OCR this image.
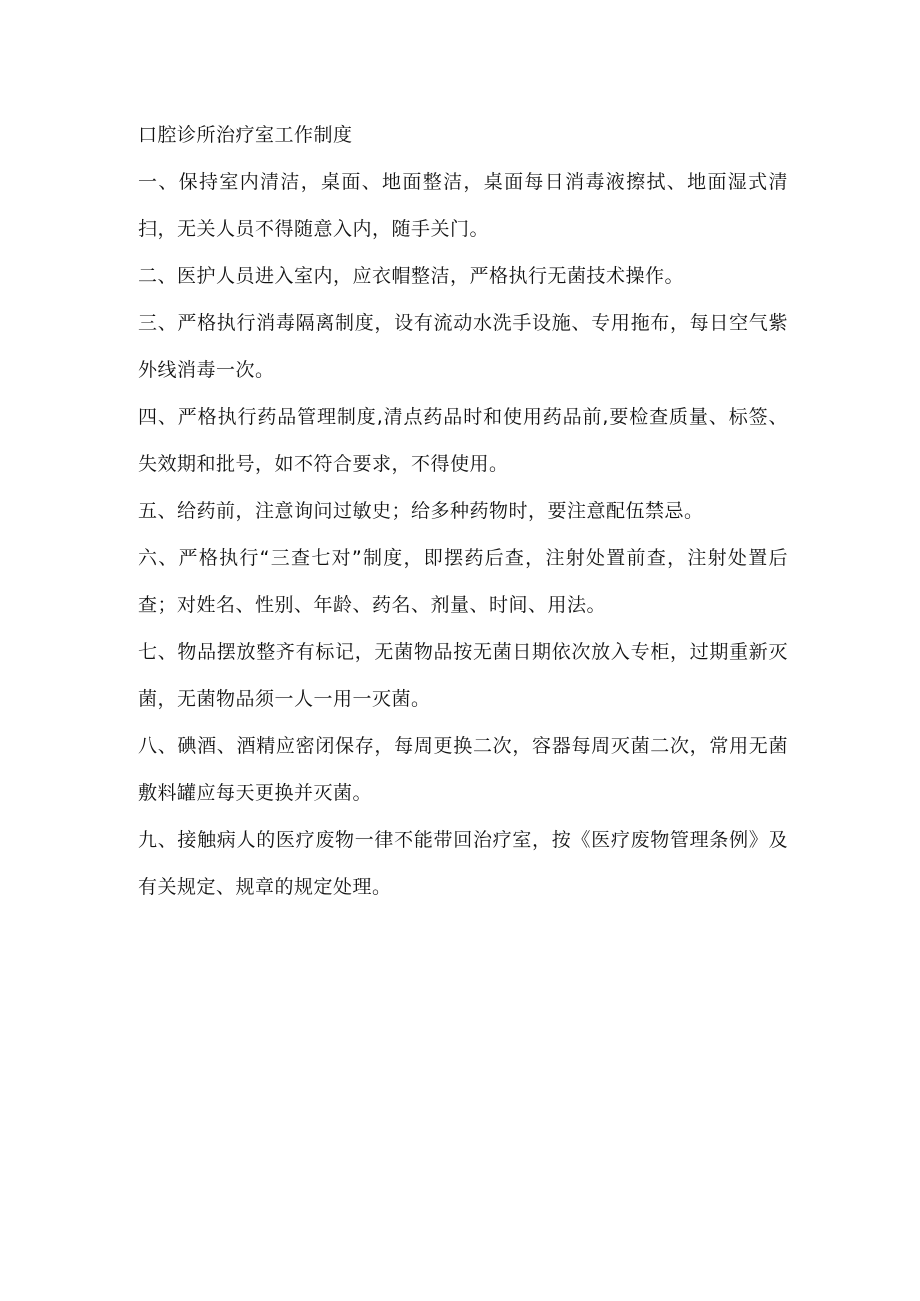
口腔诊所治疗室工作制度

一、保持室内清洁，桌面、地面整洁，桌面每日消毒液擦拭、地面湿式清扫，无关人员不得随意入内，随手关门。

二、医护人员进入室内，应衣帽整洁，严格执行无菌技术操作。

三、严格执行消毒隔离制度，设有流动水洗手设施、专用拖布，每日空气紫外线消毒一次。

四、严格执行药品管理制度,清点药品时和使用药品前,要检查质量、标签、失效期和批号，如不符合要求，不得使用。

五、给药前，注意询问过敏史；给多种药物时，要注意配伍禁忌。

六、严格执行“三查七对”制度，即摆药后查，注射处置前查，注射处置后查；对姓名、性别、年龄、药名、剂量、时间、用法。

七、物品摆放整齐有标记，无菌物品按无菌日期依次放入专柜，过期重新灭菌，无菌物品须一人一用一灭菌。

八、碘酒、酒精应密闭保存，每周更换二次，容器每周灭菌二次，常用无菌敷料罐应每天更换并灭菌。

九、接触病人的医疗废物一律不能带回治疗室，按《医疗废物管理条例》及有关规定、规章的规定处理。
